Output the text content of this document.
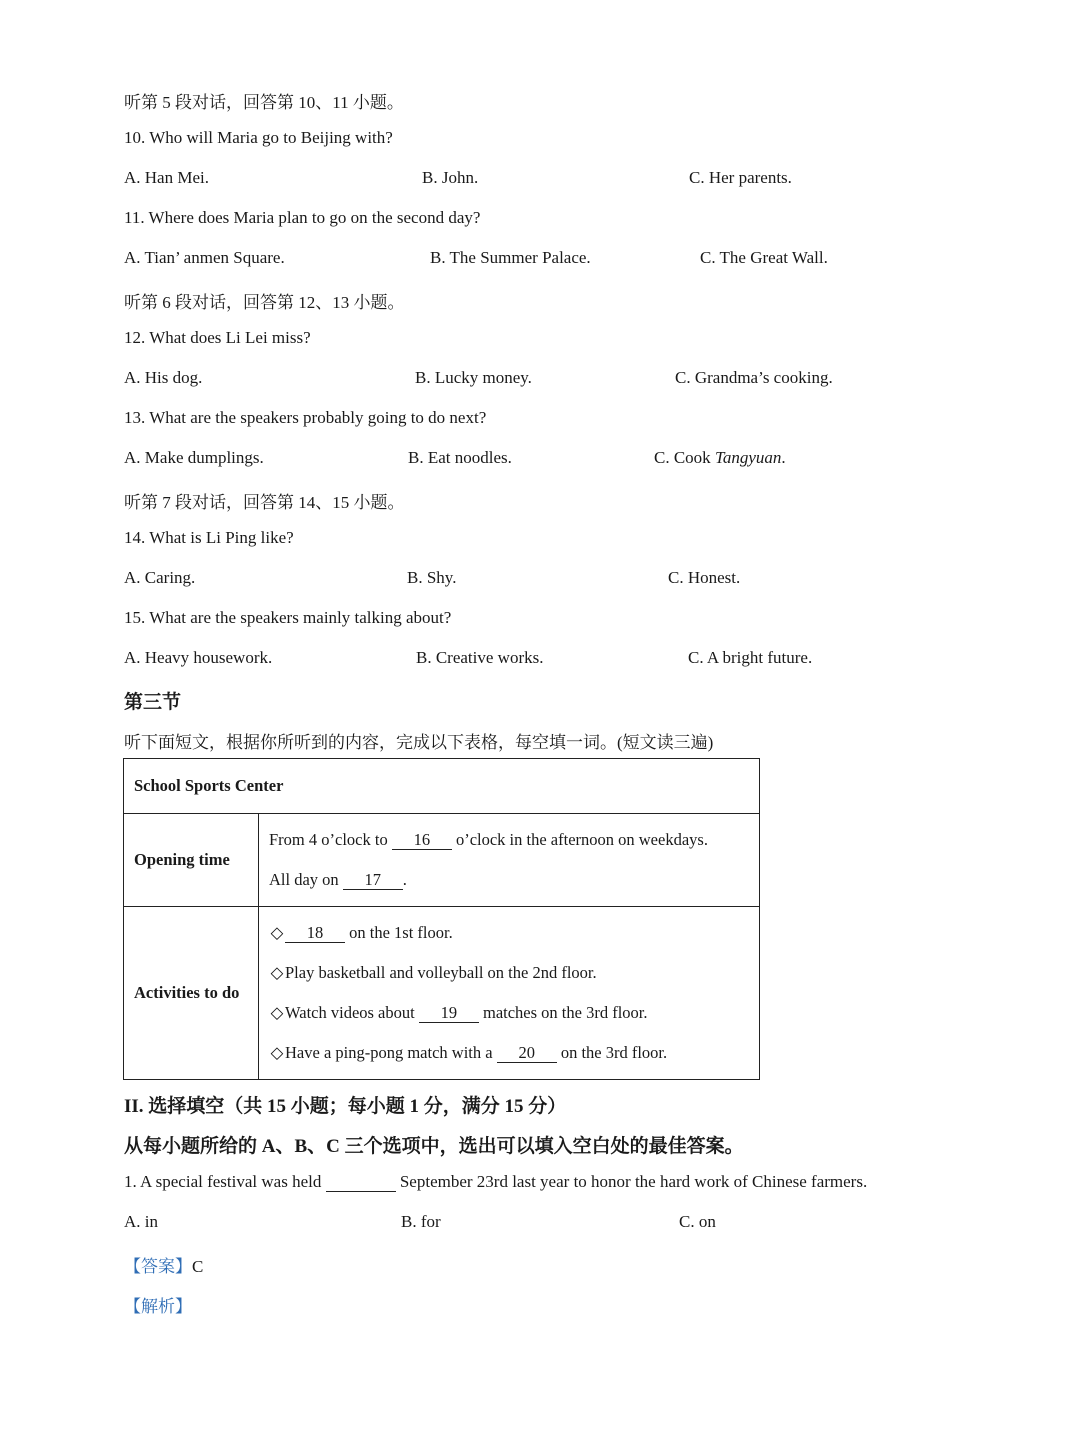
听第 5 段对话，回答第 10、11 小题。
10. Who will Maria go to Beijing with?
A. Han Mei.	B. John.	C. Her parents.
11. Where does Maria plan to go on the second day?
A. Tian’ anmen Square.	B. The Summer Palace.	C. The Great Wall.
听第 6 段对话，回答第 12、13 小题。
12. What does Li Lei miss?
A. His dog.	B. Lucky money.	C. Grandma’s cooking.
13. What are the speakers probably going to do next?
A. Make dumplings.	B. Eat noodles.	C. Cook Tangyuan.
听第 7 段对话，回答第 14、15 小题。
14. What is Li Ping like?
A. Caring.	B. Shy.	C. Honest.
15. What are the speakers mainly talking about?
A. Heavy housework.	B. Creative works.	C. A bright future.
第三节
听下面短文，根据你所听到的内容，完成以下表格，每空填一词。(短文读三遍)
School Sports Center	
Opening time	From 4 o’clock to 16 o’clock in the afternoon on weekdays.
All day on 17 .

Activities to do	◇ 18 on the 1st floor.
◇ Play basketball and volleyball on the 2nd floor.
◇ Watch videos about 19 matches on the 3rd floor.
◇ Have a ping-pong match with a 20 on the 3rd floor.
II. 选择填空（共 15 小题；每小题 1 分，满分 15 分）
从每小题所给的 A、B、C 三个选项中，选出可以填入空白处的最佳答案。
1. A special festival was held	September 23rd last year to honor the hard work of Chinese farmers.
A. in	B. for	C. on
【答案】C
【解析】
